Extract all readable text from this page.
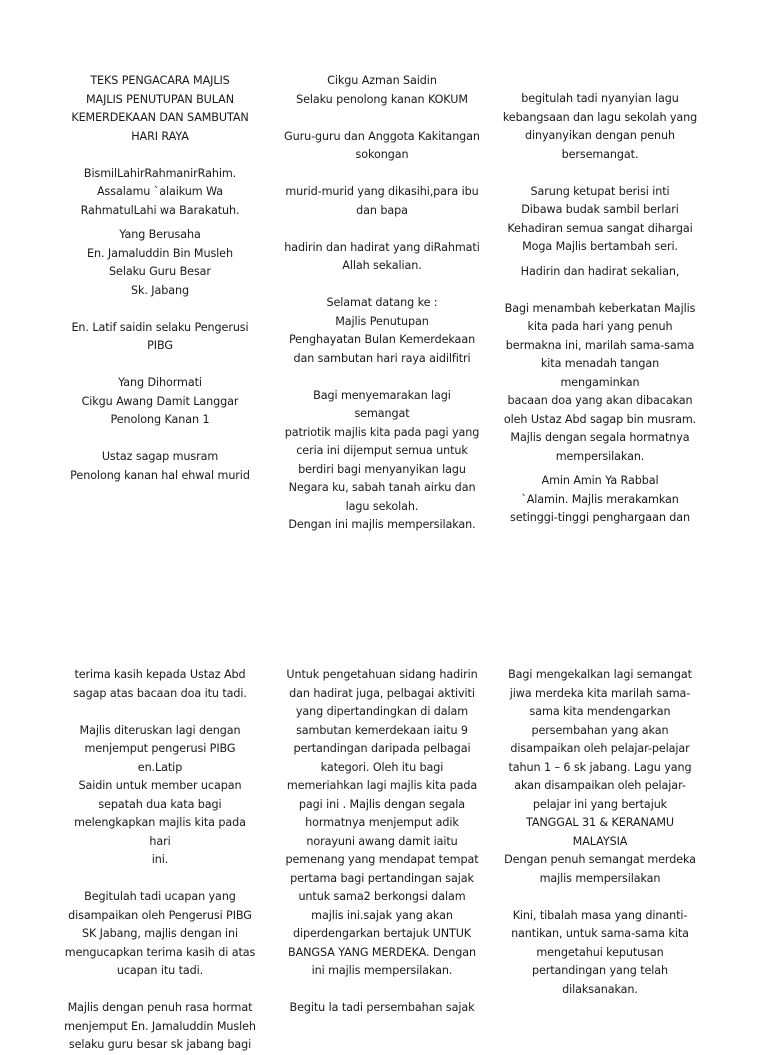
TEKS PENGACARA MAJLIS
MAJLIS PENUTUPAN BULAN
KEMERDEKAAN DAN SAMBUTAN
HARI RAYA

BismilLahirRahmanirRahim.
Assalamu `alaikum Wa
RahmatulLahi wa Barakatuh.

Yang Berusaha
En. Jamaluddin Bin Musleh
Selaku Guru Besar
Sk. Jabang

En. Latif saidin selaku Pengerusi
PIBG

Yang Dihormati
Cikgu Awang Damit Langgar
Penolong Kanan 1

Ustaz sagap musram
Penolong kanan hal ehwal murid

Cikgu Azman Saidin
Selaku penolong kanan KOKUM

Guru-guru dan Anggota Kakitangan
sokongan

murid-murid yang dikasihi,para ibu
dan bapa

hadirin dan hadirat yang diRahmati
Allah sekalian.

Selamat datang ke :
Majlis Penutupan
Penghayatan Bulan Kemerdekaan
dan sambutan hari raya aidilfitri

Bagi menyemarakan lagi semangat
patriotik majlis kita pada pagi yang
ceria ini dijemput semua untuk
berdiri bagi menyanyikan lagu
Negara ku, sabah tanah airku dan
lagu sekolah.
Dengan ini majlis mempersilakan.

begitulah tadi nyanyian lagu
kebangsaan dan lagu sekolah yang
dinyanyikan dengan penuh
bersemangat.

Sarung ketupat berisi inti
Dibawa budak sambil berlari
Kehadiran semua sangat dihargai
Moga Majlis bertambah seri.

Hadirin dan hadirat sekalian,

Bagi menambah keberkatan Majlis
kita pada hari yang penuh
bermakna ini, marilah sama-sama
kita menadah tangan mengaminkan
bacaan doa yang akan dibacakan
oleh Ustaz Abd sagap bin musram.
Majlis dengan segala hormatnya
mempersilakan.

Amin Amin Ya Rabbal
`Alamin. Majlis merakamkan
setinggi-tinggi penghargaan dan

terima kasih kepada Ustaz Abd
sagap atas bacaan doa itu tadi.

Majlis diteruskan lagi dengan
menjemput pengerusi PIBG en.Latip
Saidin untuk member ucapan
sepatah dua kata bagi
melengkapkan majlis kita pada hari
ini.

Begitulah tadi ucapan yang
disampaikan oleh Pengerusi PIBG
SK Jabang, majlis dengan ini
mengucapkan terima kasih di atas
ucapan itu tadi.

Majlis dengan penuh rasa hormat
menjemput En. Jamaluddin Musleh
selaku guru besar sk jabang bagi

Untuk pengetahuan sidang hadirin
dan hadirat juga, pelbagai aktiviti
yang dipertandingkan di dalam
sambutan kemerdekaan iaitu 9
pertandingan daripada pelbagai
kategori. Oleh itu bagi
memeriahkan lagi majlis kita pada
pagi ini . Majlis dengan segala
hormatnya menjemput adik
norayuni awang damit iaitu
pemenang yang mendapat tempat
pertama bagi pertandingan sajak
untuk sama2 berkongsi dalam
majlis ini.sajak yang akan
diperdengarkan bertajuk UNTUK
BANGSA YANG MERDEKA. Dengan
ini majlis mempersilakan.

Begitu la tadi persembahan sajak

Bagi mengekalkan lagi semangat
jiwa merdeka kita marilah sama-
sama kita mendengarkan
persembahan yang akan
disampaikan oleh pelajar-pelajar
tahun 1 – 6 sk jabang. Lagu yang
akan disampaikan oleh pelajar-
pelajar ini yang bertajuk
TANGGAL 31 & KERANAMU
MALAYSIA
Dengan penuh semangat merdeka
majlis mempersilakan

Kini, tibalah masa yang dinanti-
nantikan, untuk sama-sama kita
mengetahui keputusan
pertandingan yang telah
dilaksanakan.
